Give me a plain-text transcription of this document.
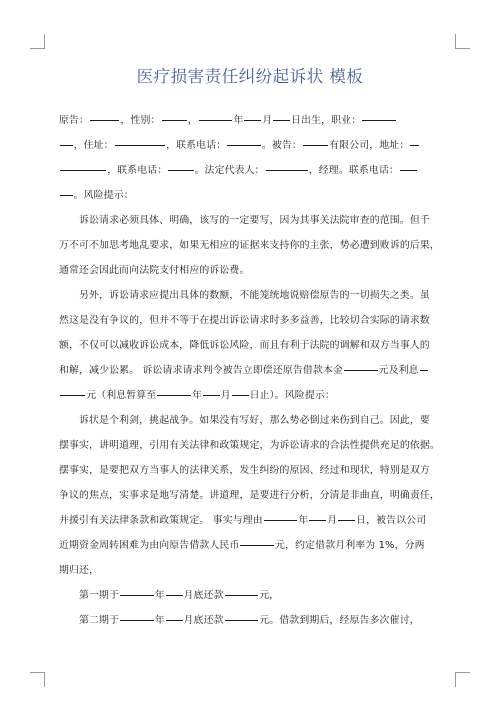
医疗损害责任纠纷起诉状 模板
原告：	，性别：	，	年 月 日出生，职业：
，住址：	，联系电话：	。被告：	有限公司，地址：
，联系电话：	。法定代表人：	，经理。联系电话：
。风险提示：
诉讼请求必须具体、明确，该写的一定要写，因为其事关法院审查的范围。但千
万不可不加思考地乱要求，如果无相应的证据来支持你的主张，势必遭到败诉的后果，
通常还会因此而向法院支付相应的诉讼费。
另外，诉讼请求应提出具体的数额，不能笼统地说赔偿原告的一切损失之类。虽
然这是没有争议的，但并不等于在提出诉讼请求时多多益善，比较切合实际的请求数
额，不仅可以减收诉讼成本，降低诉讼风险，而且有利于法院的调解和双方当事人的
和解，减少讼累。 诉讼请求请求判令被告立即偿还原告借款本金	元及利息
元（利息暂算至	年 月 日止）。风险提示：
诉状是个利剑，挑起战争。如果没有写好，那么势必倒过来伤到自己。因此，要
摆事实，讲明道理，引用有关法律和政策规定，为诉讼请求的合法性提供充足的依据。
摆事实，是要把双方当事人的法律关系，发生纠纷的原因、经过和现状，特别是双方
争议的焦点，实事求是地写清楚。讲道理，是要进行分析，分清是非曲直，明确责任，
并援引有关法律条款和政策规定。 事实与理由	年 月 日，被告以公司
近期资金周转困难为由向原告借款人民币	元，约定借款月利率为 1%，分两
期归还，
第一期于	年 月底还款	元，
第二期于	年 月底还款	元。借款到期后，经原告多次催讨，
